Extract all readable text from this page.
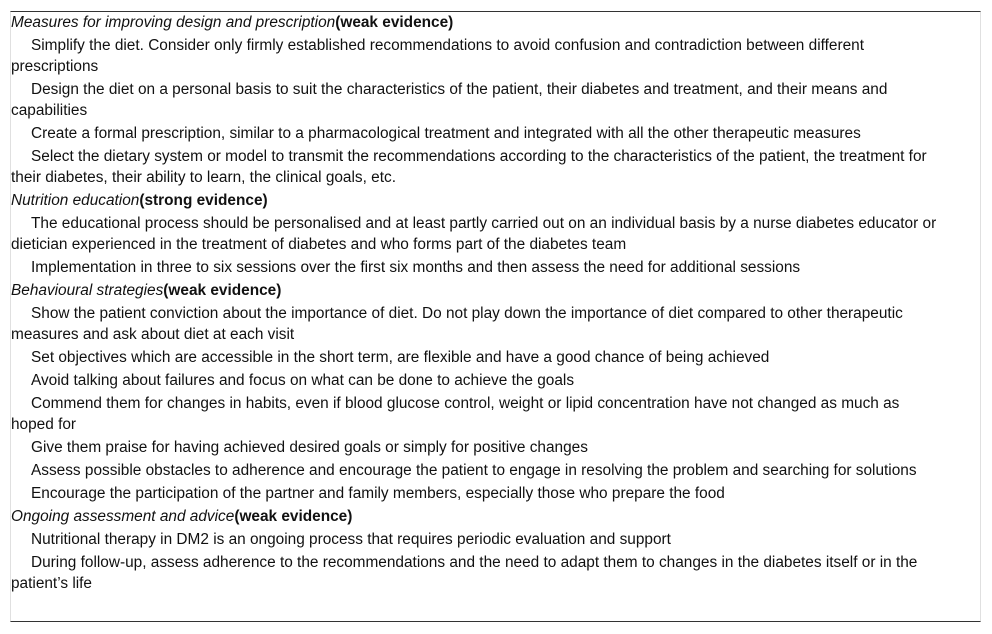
Measures for improving design and prescription(weak evidence)
Simplify the diet. Consider only firmly established recommendations to avoid confusion and contradiction between different prescriptions
Design the diet on a personal basis to suit the characteristics of the patient, their diabetes and treatment, and their means and capabilities
Create a formal prescription, similar to a pharmacological treatment and integrated with all the other therapeutic measures
Select the dietary system or model to transmit the recommendations according to the characteristics of the patient, the treatment for their diabetes, their ability to learn, the clinical goals, etc.
Nutrition education(strong evidence)
The educational process should be personalised and at least partly carried out on an individual basis by a nurse diabetes educator or dietician experienced in the treatment of diabetes and who forms part of the diabetes team
Implementation in three to six sessions over the first six months and then assess the need for additional sessions
Behavioural strategies(weak evidence)
Show the patient conviction about the importance of diet. Do not play down the importance of diet compared to other therapeutic measures and ask about diet at each visit
Set objectives which are accessible in the short term, are flexible and have a good chance of being achieved
Avoid talking about failures and focus on what can be done to achieve the goals
Commend them for changes in habits, even if blood glucose control, weight or lipid concentration have not changed as much as hoped for
Give them praise for having achieved desired goals or simply for positive changes
Assess possible obstacles to adherence and encourage the patient to engage in resolving the problem and searching for solutions
Encourage the participation of the partner and family members, especially those who prepare the food
Ongoing assessment and advice(weak evidence)
Nutritional therapy in DM2 is an ongoing process that requires periodic evaluation and support
During follow-up, assess adherence to the recommendations and the need to adapt them to changes in the diabetes itself or in the patient’s life
